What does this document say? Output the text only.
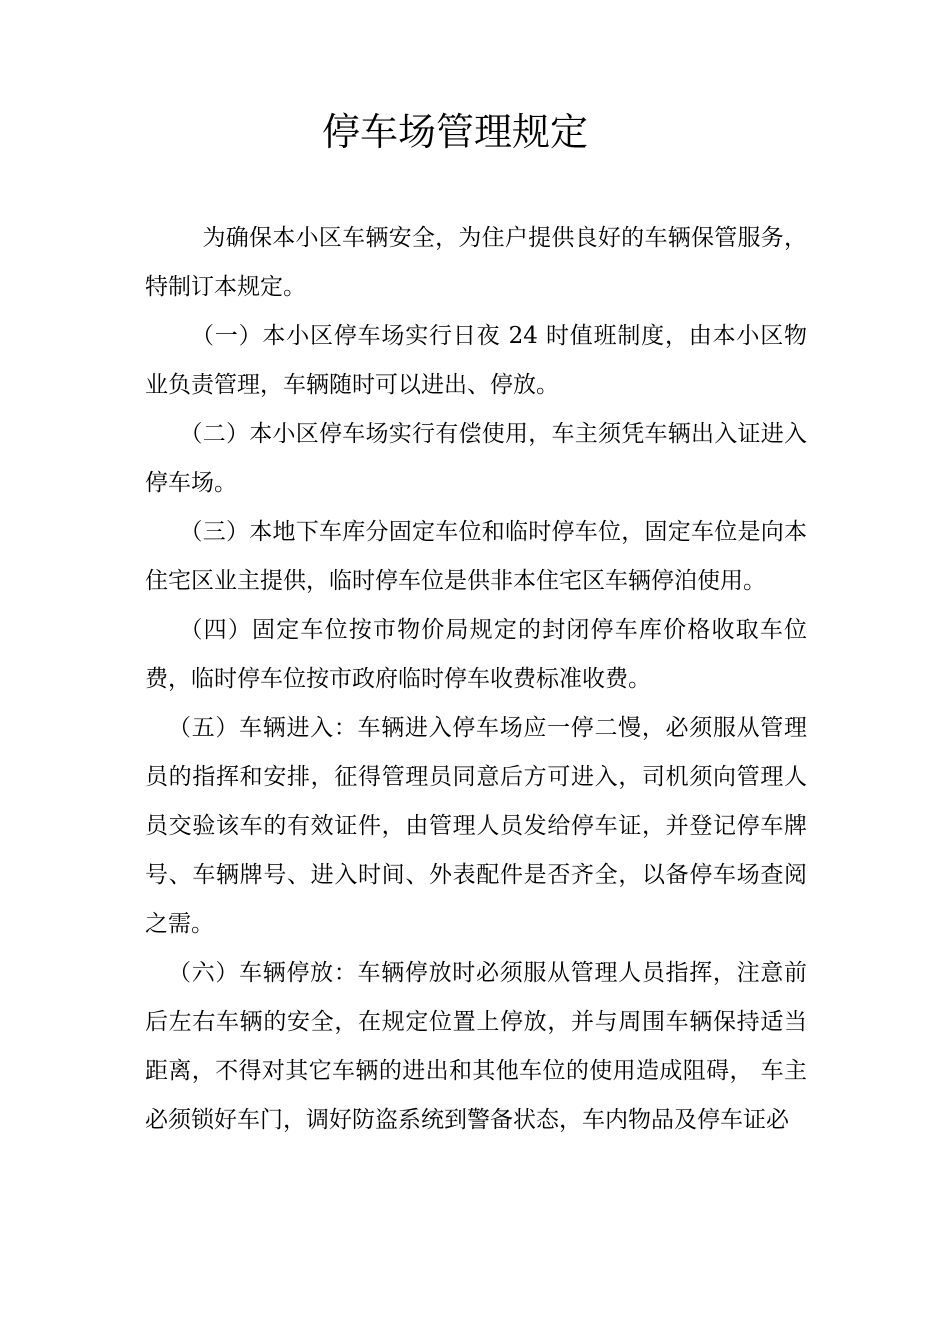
停车场管理规定

为确保本小区车辆安全，为住户提供良好的车辆保管服务，特制订本规定。

（一）本小区停车场实行日夜 24 时值班制度，由本小区物业负责管理，车辆随时可以进出、停放。

（二）本小区停车场实行有偿使用，车主须凭车辆出入证进入停车场。

（三）本地下车库分固定车位和临时停车位，固定车位是向本住宅区业主提供，临时停车位是供非本住宅区车辆停泊使用。

（四）固定车位按市物价局规定的封闭停车库价格收取车位费，临时停车位按市政府临时停车收费标准收费。

（五）车辆进入：车辆进入停车场应一停二慢，必须服从管理员的指挥和安排，征得管理员同意后方可进入，司机须向管理人员交验该车的有效证件，由管理人员发给停车证，并登记停车牌号、车辆牌号、进入时间、外表配件是否齐全，以备停车场查阅之需。

（六）车辆停放：车辆停放时必须服从管理人员指挥，注意前后左右车辆的安全，在规定位置上停放，并与周围车辆保持适当距离，不得对其它车辆的进出和其他车位的使用造成阻碍， 车主必须锁好车门，调好防盗系统到警备状态，车内物品及停车证必
